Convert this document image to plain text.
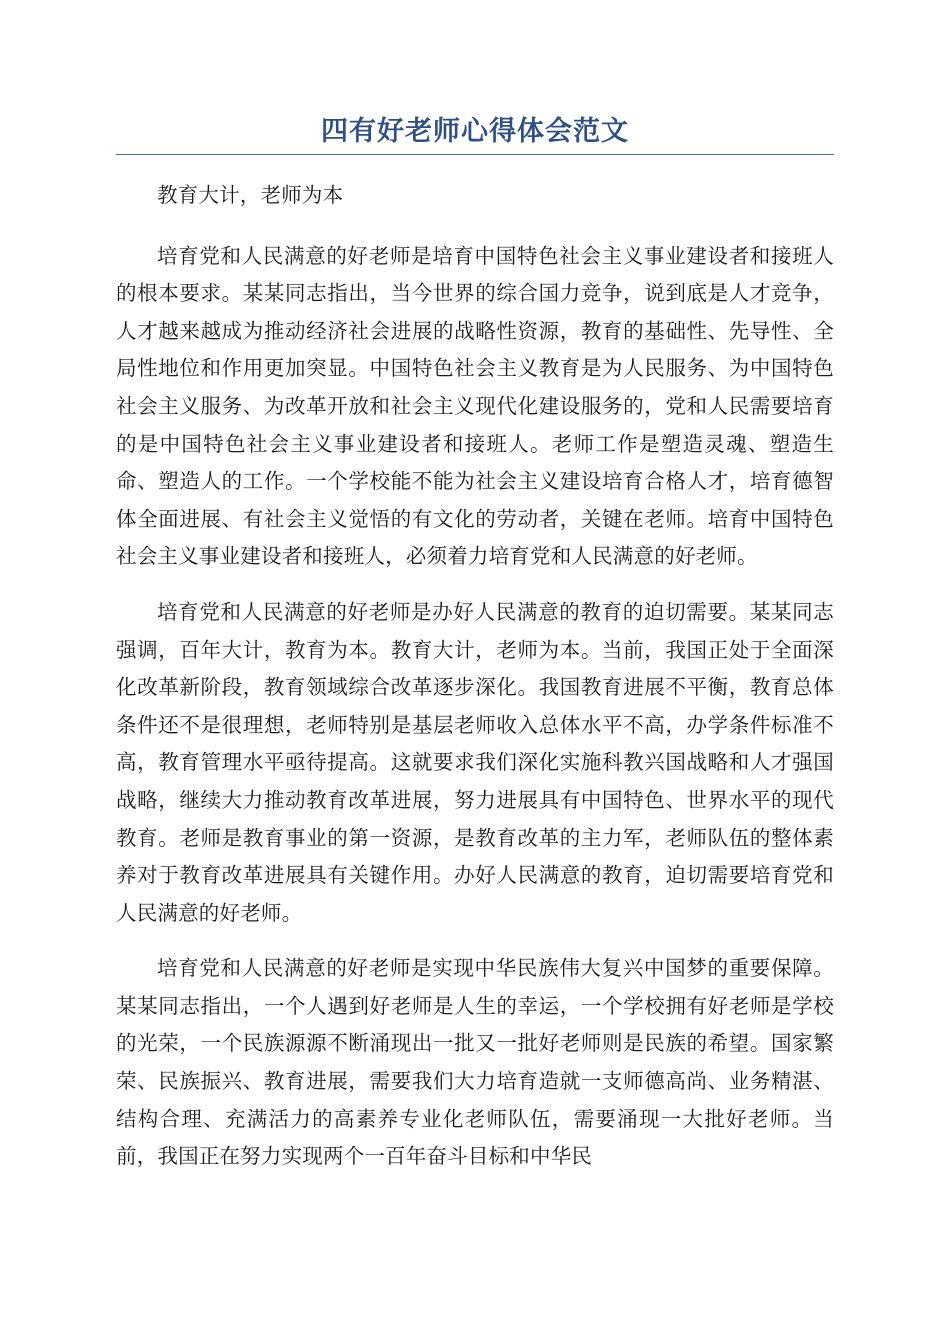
四有好老师心得体会范文

教育大计，老师为本

培育党和人民满意的好老师是培育中国特色社会主义事业建设者和接班人的根本要求。某某同志指出，当今世界的综合国力竞争，说到底是人才竞争，人才越来越成为推动经济社会进展的战略性资源，教育的基础性、先导性、全局性地位和作用更加突显。中国特色社会主义教育是为人民服务、为中国特色社会主义服务、为改革开放和社会主义现代化建设服务的，党和人民需要培育的是中国特色社会主义事业建设者和接班人。老师工作是塑造灵魂、塑造生命、塑造人的工作。一个学校能不能为社会主义建设培育合格人才，培育德智体全面进展、有社会主义觉悟的有文化的劳动者，关键在老师。培育中国特色社会主义事业建设者和接班人，必须着力培育党和人民满意的好老师。

培育党和人民满意的好老师是办好人民满意的教育的迫切需要。某某同志强调，百年大计，教育为本。教育大计，老师为本。当前，我国正处于全面深化改革新阶段，教育领域综合改革逐步深化。我国教育进展不平衡，教育总体条件还不是很理想，老师特别是基层老师收入总体水平不高，办学条件标准不高，教育管理水平亟待提高。这就要求我们深化实施科教兴国战略和人才强国战略，继续大力推动教育改革进展，努力进展具有中国特色、世界水平的现代教育。老师是教育事业的第一资源，是教育改革的主力军，老师队伍的整体素养对于教育改革进展具有关键作用。办好人民满意的教育，迫切需要培育党和人民满意的好老师。

培育党和人民满意的好老师是实现中华民族伟大复兴中国梦的重要保障。某某同志指出，一个人遇到好老师是人生的幸运，一个学校拥有好老师是学校的光荣，一个民族源源不断涌现出一批又一批好老师则是民族的希望。国家繁荣、民族振兴、教育进展，需要我们大力培育造就一支师德高尚、业务精湛、结构合理、充满活力的高素养专业化老师队伍，需要涌现一大批好老师。当前，我国正在努力实现两个一百年奋斗目标和中华民
